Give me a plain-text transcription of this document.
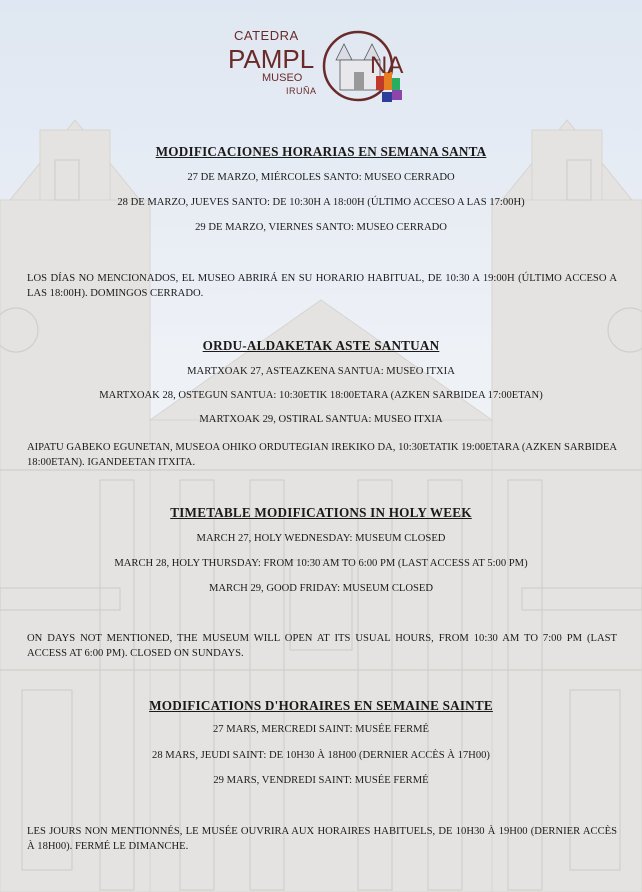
CATEDRA
PAMPL NA
MUSEO
IRUÑA
MODIFICACIONES HORARIAS EN SEMANA SANTA
27 DE MARZO, MIÉRCOLES SANTO: MUSEO CERRADO
28 DE MARZO, JUEVES SANTO: DE 10:30H A 18:00H (ÚLTIMO ACCESO A LAS 17:00H)
29 DE MARZO, VIERNES SANTO: MUSEO CERRADO
LOS DÍAS NO MENCIONADOS, EL MUSEO ABRIRÁ EN SU HORARIO HABITUAL, DE 10:30 A 19:00H (ÚLTIMO ACCESO A LAS 18:00H). DOMINGOS CERRADO.
ORDU-ALDAKETAK ASTE SANTUAN
MARTXOAK 27, ASTEAZKENA SANTUA: MUSEO ITXIA
MARTXOAK 28, OSTEGUN SANTUA: 10:30ETIK 18:00ETARA (AZKEN SARBIDEA 17:00ETAN)
MARTXOAK 29, OSTIRAL SANTUA: MUSEO ITXIA
AIPATU GABEKO EGUNETAN, MUSEOA OHIKO ORDUTEGIAN IREKIKO DA, 10:30ETATIK 19:00ETARA (AZKEN SARBIDEA 18:00ETAN). IGANDEETAN ITXITA.
TIMETABLE MODIFICATIONS IN HOLY WEEK
MARCH 27, HOLY WEDNESDAY: MUSEUM CLOSED
MARCH 28, HOLY THURSDAY: FROM 10:30 AM TO 6:00 PM (LAST ACCESS AT 5:00 PM)
MARCH 29, GOOD FRIDAY: MUSEUM CLOSED
ON DAYS NOT MENTIONED, THE MUSEUM WILL OPEN AT ITS USUAL HOURS, FROM 10:30 AM TO 7:00 PM (LAST ACCESS AT 6:00 PM). CLOSED ON SUNDAYS.
MODIFICATIONS D'HORAIRES EN SEMAINE SAINTE
27 MARS, MERCREDI SAINT: MUSÉE FERMÉ
28 MARS, JEUDI SAINT: DE 10H30 À 18H00 (DERNIER ACCÈS À 17H00)
29 MARS, VENDREDI SAINT: MUSÉE FERMÉ
LES JOURS NON MENTIONNÉS, LE MUSÉE OUVRIRA AUX HORAIRES HABITUELS, DE 10H30 À 19H00 (DERNIER ACCÈS À 18H00). FERMÉ LE DIMANCHE.
